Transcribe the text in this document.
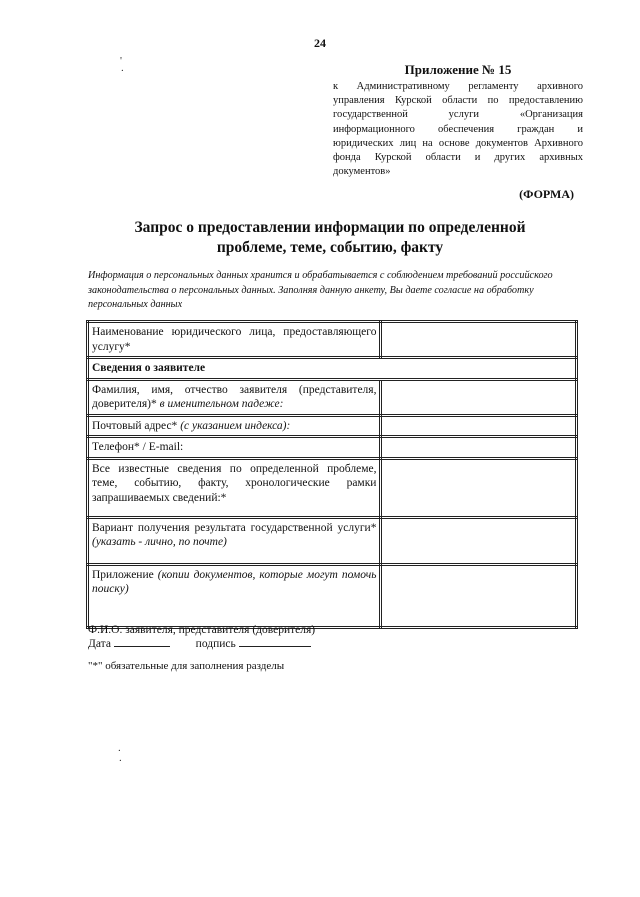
24
'
.
.
.
Приложение № 15
к Административному регламенту архивного управления Курской области по предоставлению государственной услуги «Организация информационного обеспечения граждан и юридических лиц на основе документов Архивного фонда Курской области и других архивных документов»
(ФОРМА)
Запрос о предоставлении информации по определенной проблеме, теме, событию, факту
Информация о персональных данных хранится и обрабатывается с соблюдением требований российского законодательства о персональных данных. Заполняя данную анкету, Вы даете согласие на обработку персональных данных
Наименование юридического лица, предоставляющего услугу*	
Сведения о заявителе	
Фамилия, имя, отчество заявителя (представителя, доверителя)* в именительном падеже:	
Почтовый адрес* (с указанием индекса):	
Телефон* / E-mail:	
Все известные сведения по определенной проблеме, теме, событию, факту, хронологические рамки запрашиваемых сведений:*	
Вариант получения результата государственной услуги* (указать - лично, по почте)	
Приложение (копии документов, которые могут помочь поиску)	
Ф.И.О. заявителя, представителя (доверителя)
Дата	подпись
"*" обязательные для заполнения разделы
